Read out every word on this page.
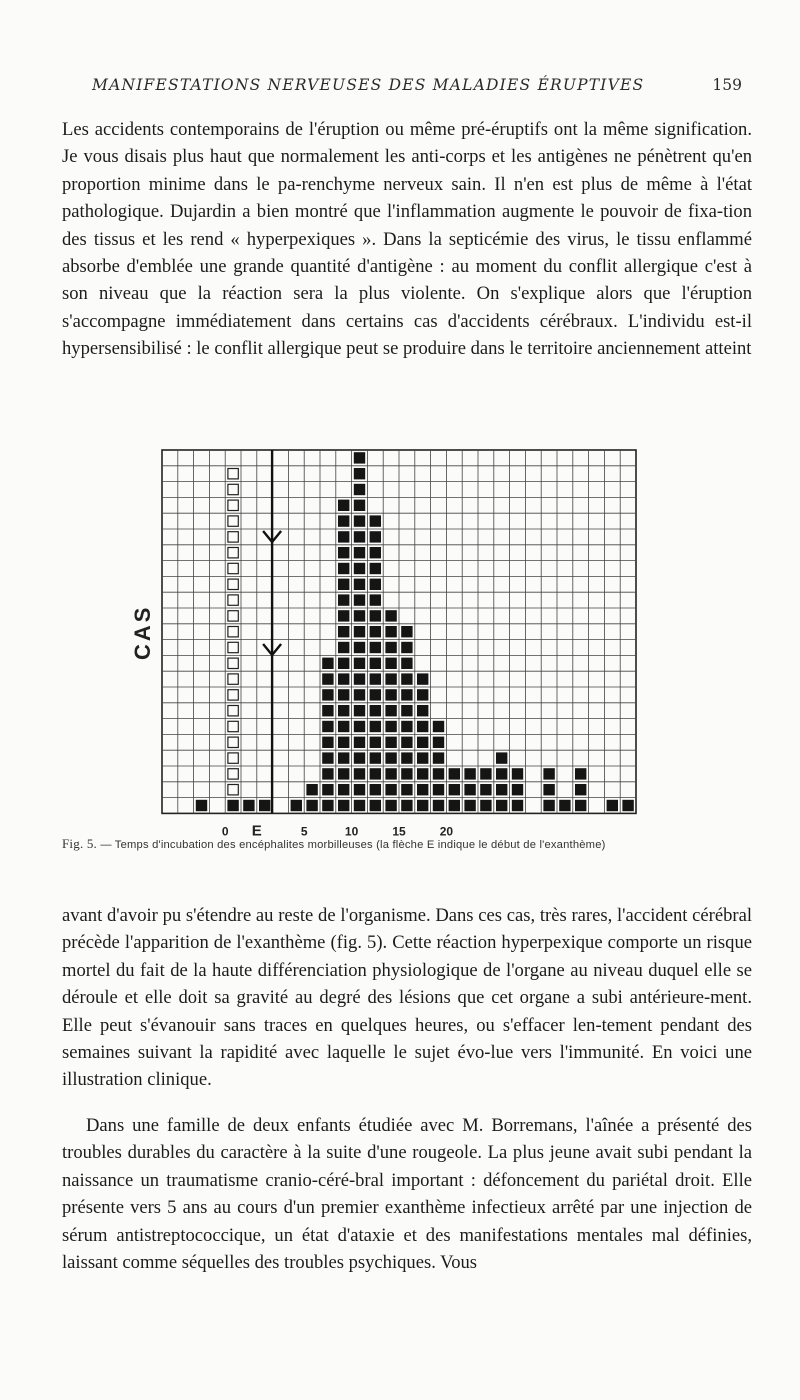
MANIFESTATIONS NERVEUSES DES MALADIES ÉRUPTIVES	159
Les accidents contemporains de l'éruption ou même pré-éruptifs ont la même signification. Je vous disais plus haut que normalement les anti-corps et les antigènes ne pénètrent qu'en proportion minime dans le pa-renchyme nerveux sain. Il n'en est plus de même à l'état pathologique. Dujardin a bien montré que l'inflammation augmente le pouvoir de fixa-tion des tissus et les rend « hyperpexiques ». Dans la septicémie des virus, le tissu enflammé absorbe d'emblée une grande quantité d'antigène : au moment du conflit allergique c'est à son niveau que la réaction sera la plus violente. On s'explique alors que l'éruption s'accompagne immédiatement dans certains cas d'accidents cérébraux. L'individu est-il hypersensibilisé : le conflit allergique peut se produire dans le territoire anciennement atteint
CAS
0 E	5	10	15	20
Fig. 5. — Temps d'incubation des encéphalites morbilleuses (la flèche E indique le début de l'exanthème)
avant d'avoir pu s'étendre au reste de l'organisme. Dans ces cas, très rares, l'accident cérébral précède l'apparition de l'exanthème (fig. 5). Cette réaction hyperpexique comporte un risque mortel du fait de la haute différenciation physiologique de l'organe au niveau duquel elle se déroule et elle doit sa gravité au degré des lésions que cet organe a subi antérieure-ment. Elle peut s'évanouir sans traces en quelques heures, ou s'effacer len-tement pendant des semaines suivant la rapidité avec laquelle le sujet évo-lue vers l'immunité. En voici une illustration clinique.
Dans une famille de deux enfants étudiée avec M. Borremans, l'aînée a présenté des troubles durables du caractère à la suite d'une rougeole. La plus jeune avait subi pendant la naissance un traumatisme cranio-céré-bral important : défoncement du pariétal droit. Elle présente vers 5 ans au cours d'un premier exanthème infectieux arrêté par une injection de sérum antistreptococcique, un état d'ataxie et des manifestations mentales mal définies, laissant comme séquelles des troubles psychiques. Vous
